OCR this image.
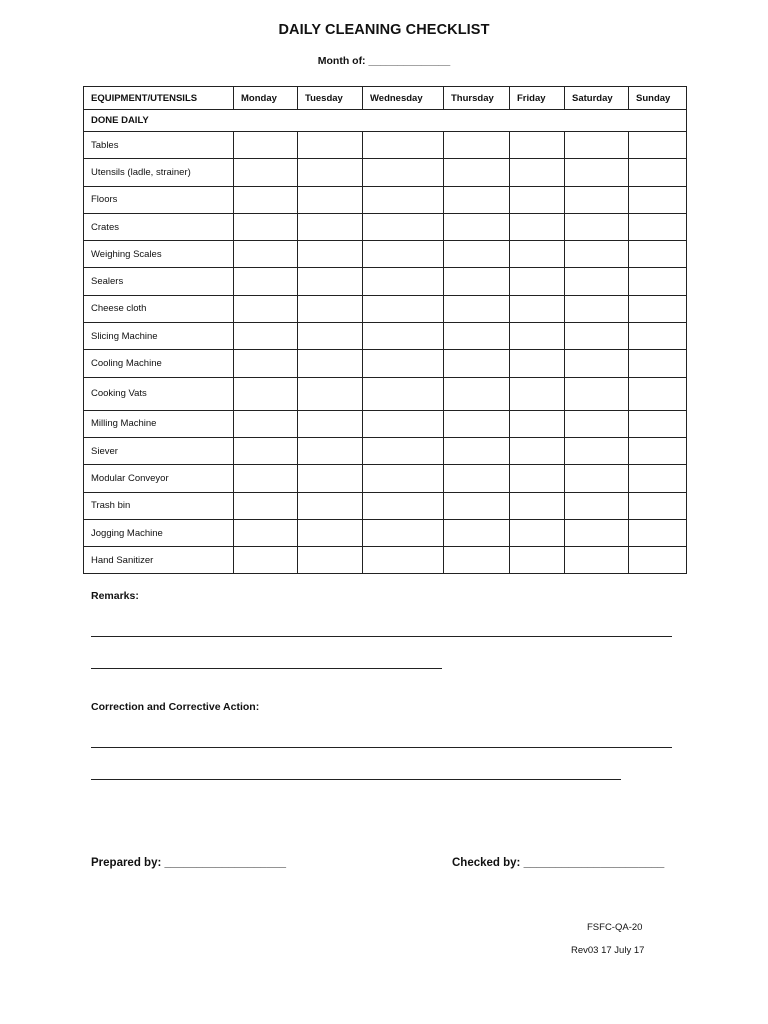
DAILY CLEANING CHECKLIST
Month of: ______________
EQUIPMENT/UTENSILS	Monday	Tuesday	Wednesday	Thursday	Friday	Saturday	Sunday
DONE DAILY							
Tables							
Utensils (ladle, strainer)							
Floors							
Crates							
Weighing Scales							
Sealers							
Cheese cloth							
Slicing Machine							
Cooling Machine							
Cooking Vats							
Milling Machine							
Siever							
Modular Conveyor							
Trash bin							
Jogging Machine							
Hand Sanitizer							
Remarks:
Correction and Corrective Action:
Prepared by: ___________________	Checked by: ______________________
FSFC-QA-20
Rev03 17 July 17
